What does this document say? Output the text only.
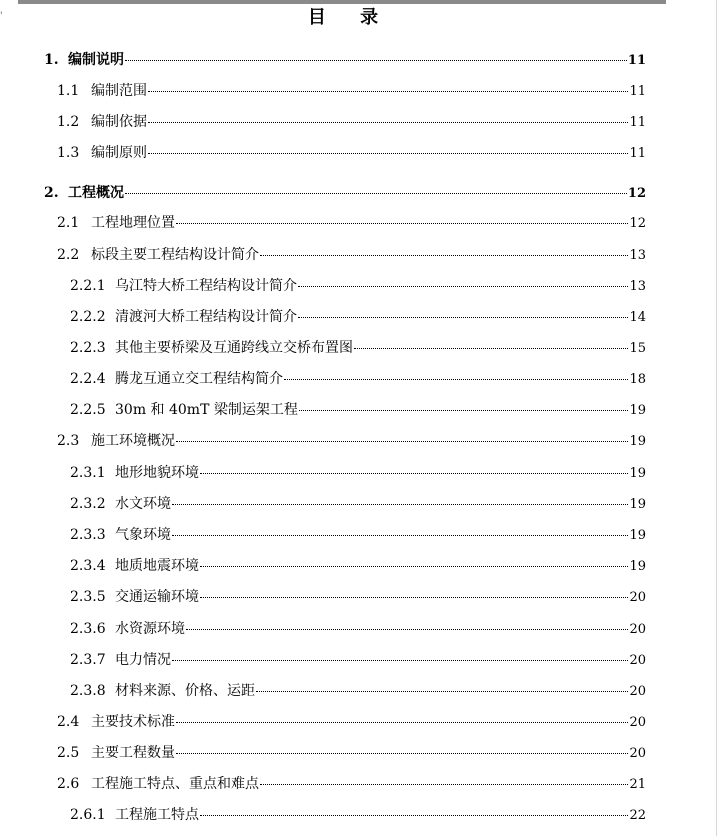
'	目 录
1. 编制说明	11
1.1 编制范围	11
1.2 编制依据	11
1.3 编制原则	11
2. 工程概况	12
2.1 工程地理位置	12
2.2 标段主要工程结构设计简介	13
2.2.1 乌江特大桥工程结构设计简介	13
2.2.2 清渡河大桥工程结构设计简介	14
2.2.3 其他主要桥梁及互通跨线立交桥布置图	15
2.2.4 腾龙互通立交工程结构简介	18
2.2.5 30m 和 40mT 梁制运架工程	19
2.3 施工环境概况	19
2.3.1 地形地貌环境	19
2.3.2 水文环境	19
2.3.3 气象环境	19
2.3.4 地质地震环境	19
2.3.5 交通运输环境	20
2.3.6 水资源环境	20
2.3.7 电力情况	20
2.3.8 材料来源、价格、运距	20
2.4 主要技术标准	20
2.5 主要工程数量	20
2.6 工程施工特点、重点和难点	21
2.6.1 工程施工特点	22
